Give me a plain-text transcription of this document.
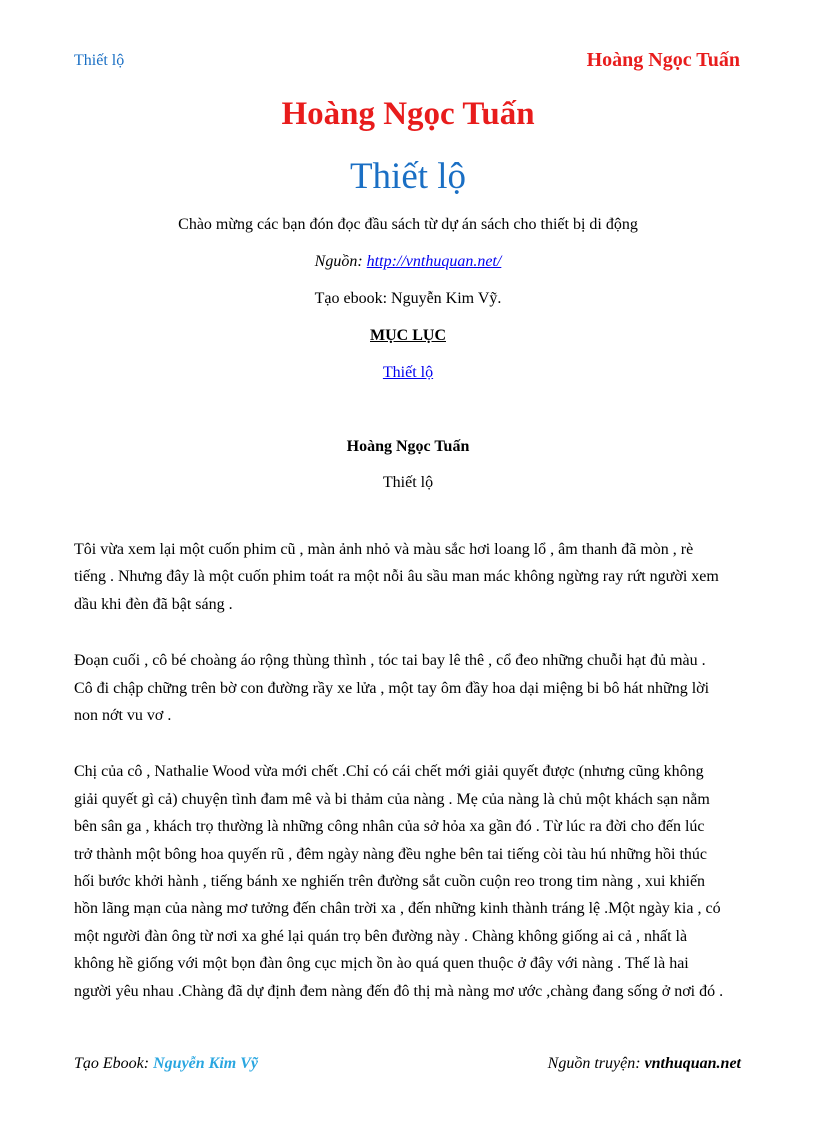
Thiết lộ	Hoàng Ngọc Tuấn
Hoàng Ngọc Tuấn
Thiết lộ
Chào mừng các bạn đón đọc đầu sách từ dự án sách cho thiết bị di động
Nguồn: http://vnthuquan.net/
Tạo ebook: Nguyễn Kim Vỹ.
MỤC LỤC
Thiết lộ
Hoàng Ngọc Tuấn
Thiết lộ

Tôi vừa xem lại một cuốn phim cũ , màn ảnh nhỏ và màu sắc hơi loang lổ , âm thanh đã mòn , rè
tiếng . Nhưng đây là một cuốn phim toát ra một nỗi âu sầu man mác không ngừng ray rứt người xem
dầu khi đèn đã bật sáng .

Đoạn cuối , cô bé choàng áo rộng thùng thình , tóc tai bay lê thê , cổ đeo những chuỗi hạt đủ màu .
Cô đi chập chững trên bờ con đường rầy xe lửa , một tay ôm đầy hoa dại miệng bi bô hát những lời
non nớt vu vơ .

Chị của cô , Nathalie Wood vừa mới chết .Chỉ có cái chết mới giải quyết được (nhưng cũng không
giải quyết gì cả) chuyện tình đam mê và bi thảm của nàng . Mẹ của nàng là chủ một khách sạn nằm
bên sân ga , khách trọ thường là những công nhân của sở hỏa xa gần đó . Từ lúc ra đời cho đến lúc
trở thành một bông hoa quyến rũ , đêm ngày nàng đều nghe bên tai tiếng còi tàu hú những hồi thúc
hối bước khởi hành , tiếng bánh xe nghiến trên đường sắt cuồn cuộn reo trong tim nàng , xui khiến
hồn lãng mạn của nàng mơ tưởng đến chân trời xa , đến những kinh thành tráng lệ .Một ngày kia , có
một người đàn ông từ nơi xa ghé lại quán trọ bên đường này . Chàng không giống ai cả , nhất là
không hề giống với một bọn đàn ông cục mịch ồn ào quá quen thuộc ở đây với nàng . Thế là hai
người yêu nhau .Chàng đã dự định đem nàng đến đô thị mà nàng mơ ước ,chàng đang sống ở nơi đó .

Tạo Ebook: Nguyễn Kim Vỹ	Nguồn truyện: vnthuquan.net
